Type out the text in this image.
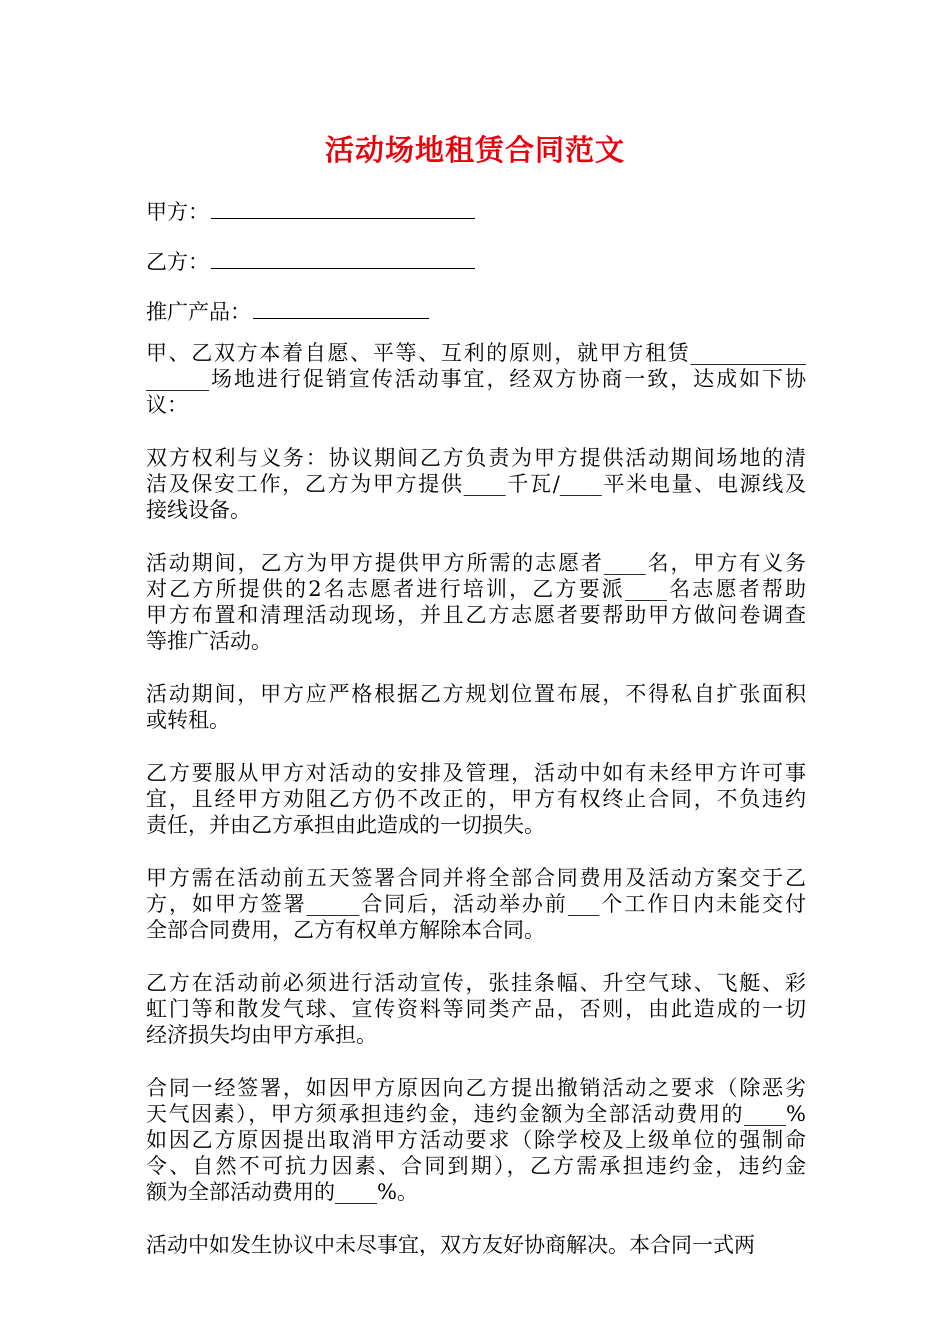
活动场地租赁合同范文
甲方：
乙方：
推广产品：
甲、乙双方本着自愿、平等、互利的原则，就甲方租赁___________
______场地进行促销宣传活动事宜，经双方协商一致，达成如下协
议：
双方权利与义务：协议期间乙方负责为甲方提供活动期间场地的清
洁及保安工作，乙方为甲方提供____千瓦/____平米电量、电源线及
接线设备。
活动期间，乙方为甲方提供甲方所需的志愿者____名，甲方有义务
对乙方所提供的2名志愿者进行培训，乙方要派____名志愿者帮助
甲方布置和清理活动现场，并且乙方志愿者要帮助甲方做问卷调查
等推广活动。
活动期间，甲方应严格根据乙方规划位置布展，不得私自扩张面积
或转租。
乙方要服从甲方对活动的安排及管理，活动中如有未经甲方许可事
宜，且经甲方劝阻乙方仍不改正的，甲方有权终止合同，不负违约
责任，并由乙方承担由此造成的一切损失。
甲方需在活动前五天签署合同并将全部合同费用及活动方案交于乙
方，如甲方签署_____合同后，活动举办前___个工作日内未能交付
全部合同费用，乙方有权单方解除本合同。
乙方在活动前必须进行活动宣传，张挂条幅、升空气球、飞艇、彩
虹门等和散发气球、宣传资料等同类产品，否则，由此造成的一切
经济损失均由甲方承担。
合同一经签署，如因甲方原因向乙方提出撤销活动之要求（除恶劣
天气因素），甲方须承担违约金，违约金额为全部活动费用的____%
如因乙方原因提出取消甲方活动要求（除学校及上级单位的强制命
令、自然不可抗力因素、合同到期），乙方需承担违约金，违约金
额为全部活动费用的____%。
活动中如发生协议中未尽事宜，双方友好协商解决。本合同一式两
